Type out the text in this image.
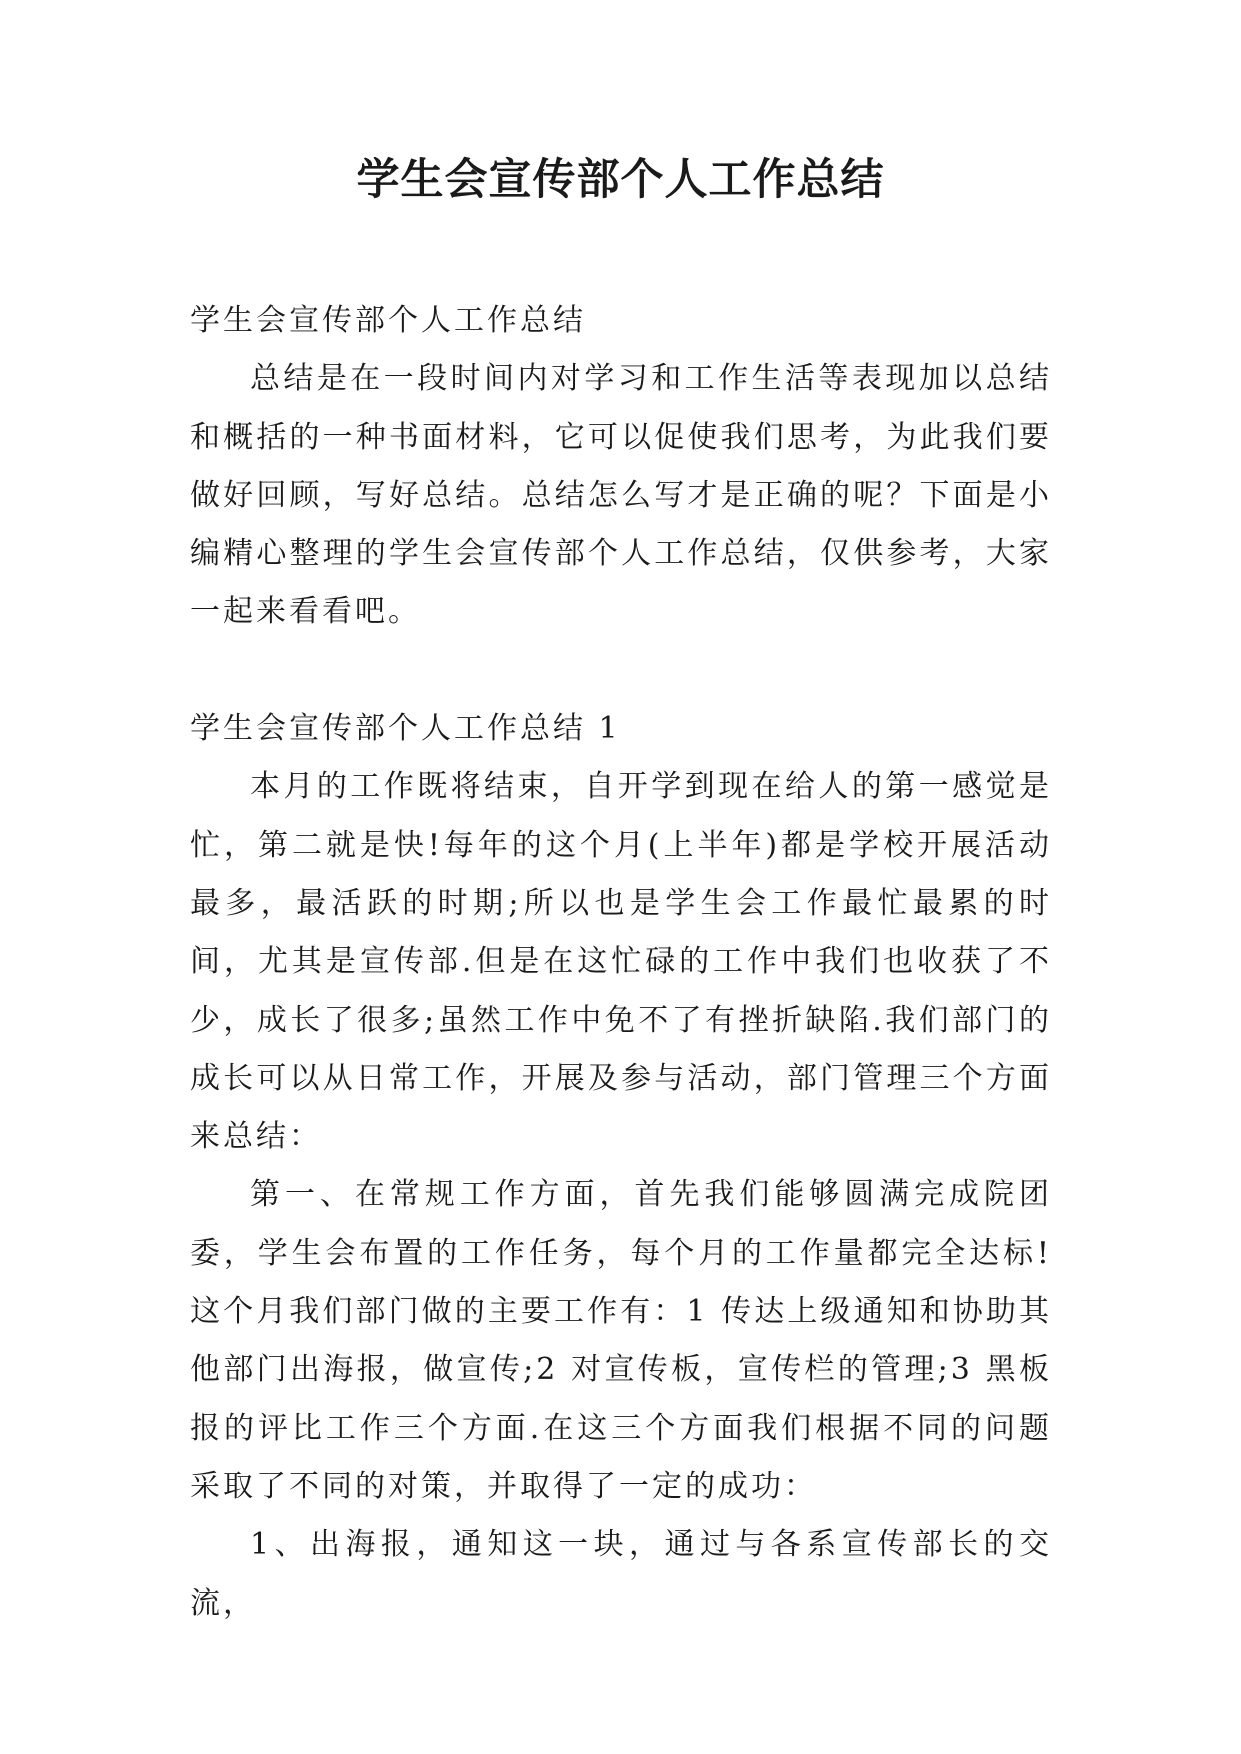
学生会宣传部个人工作总结

学生会宣传部个人工作总结

总结是在一段时间内对学习和工作生活等表现加以总结和概括的一种书面材料，它可以促使我们思考，为此我们要做好回顾，写好总结。总结怎么写才是正确的呢？下面是小编精心整理的学生会宣传部个人工作总结，仅供参考，大家一起来看看吧。

学生会宣传部个人工作总结 1

本月的工作既将结束，自开学到现在给人的第一感觉是忙，第二就是快!每年的这个月(上半年)都是学校开展活动最多，最活跃的时期;所以也是学生会工作最忙最累的时间，尤其是宣传部.但是在这忙碌的工作中我们也收获了不少，成长了很多;虽然工作中免不了有挫折缺陷.我们部门的成长可以从日常工作，开展及参与活动，部门管理三个方面来总结：

第一、在常规工作方面，首先我们能够圆满完成院团委，学生会布置的工作任务，每个月的工作量都完全达标!这个月我们部门做的主要工作有：1 传达上级通知和协助其他部门出海报，做宣传;2 对宣传板，宣传栏的管理;3 黑板报的评比工作三个方面.在这三个方面我们根据不同的问题采取了不同的对策，并取得了一定的成功：

1、出海报，通知这一块，通过与各系宣传部长的交流，
